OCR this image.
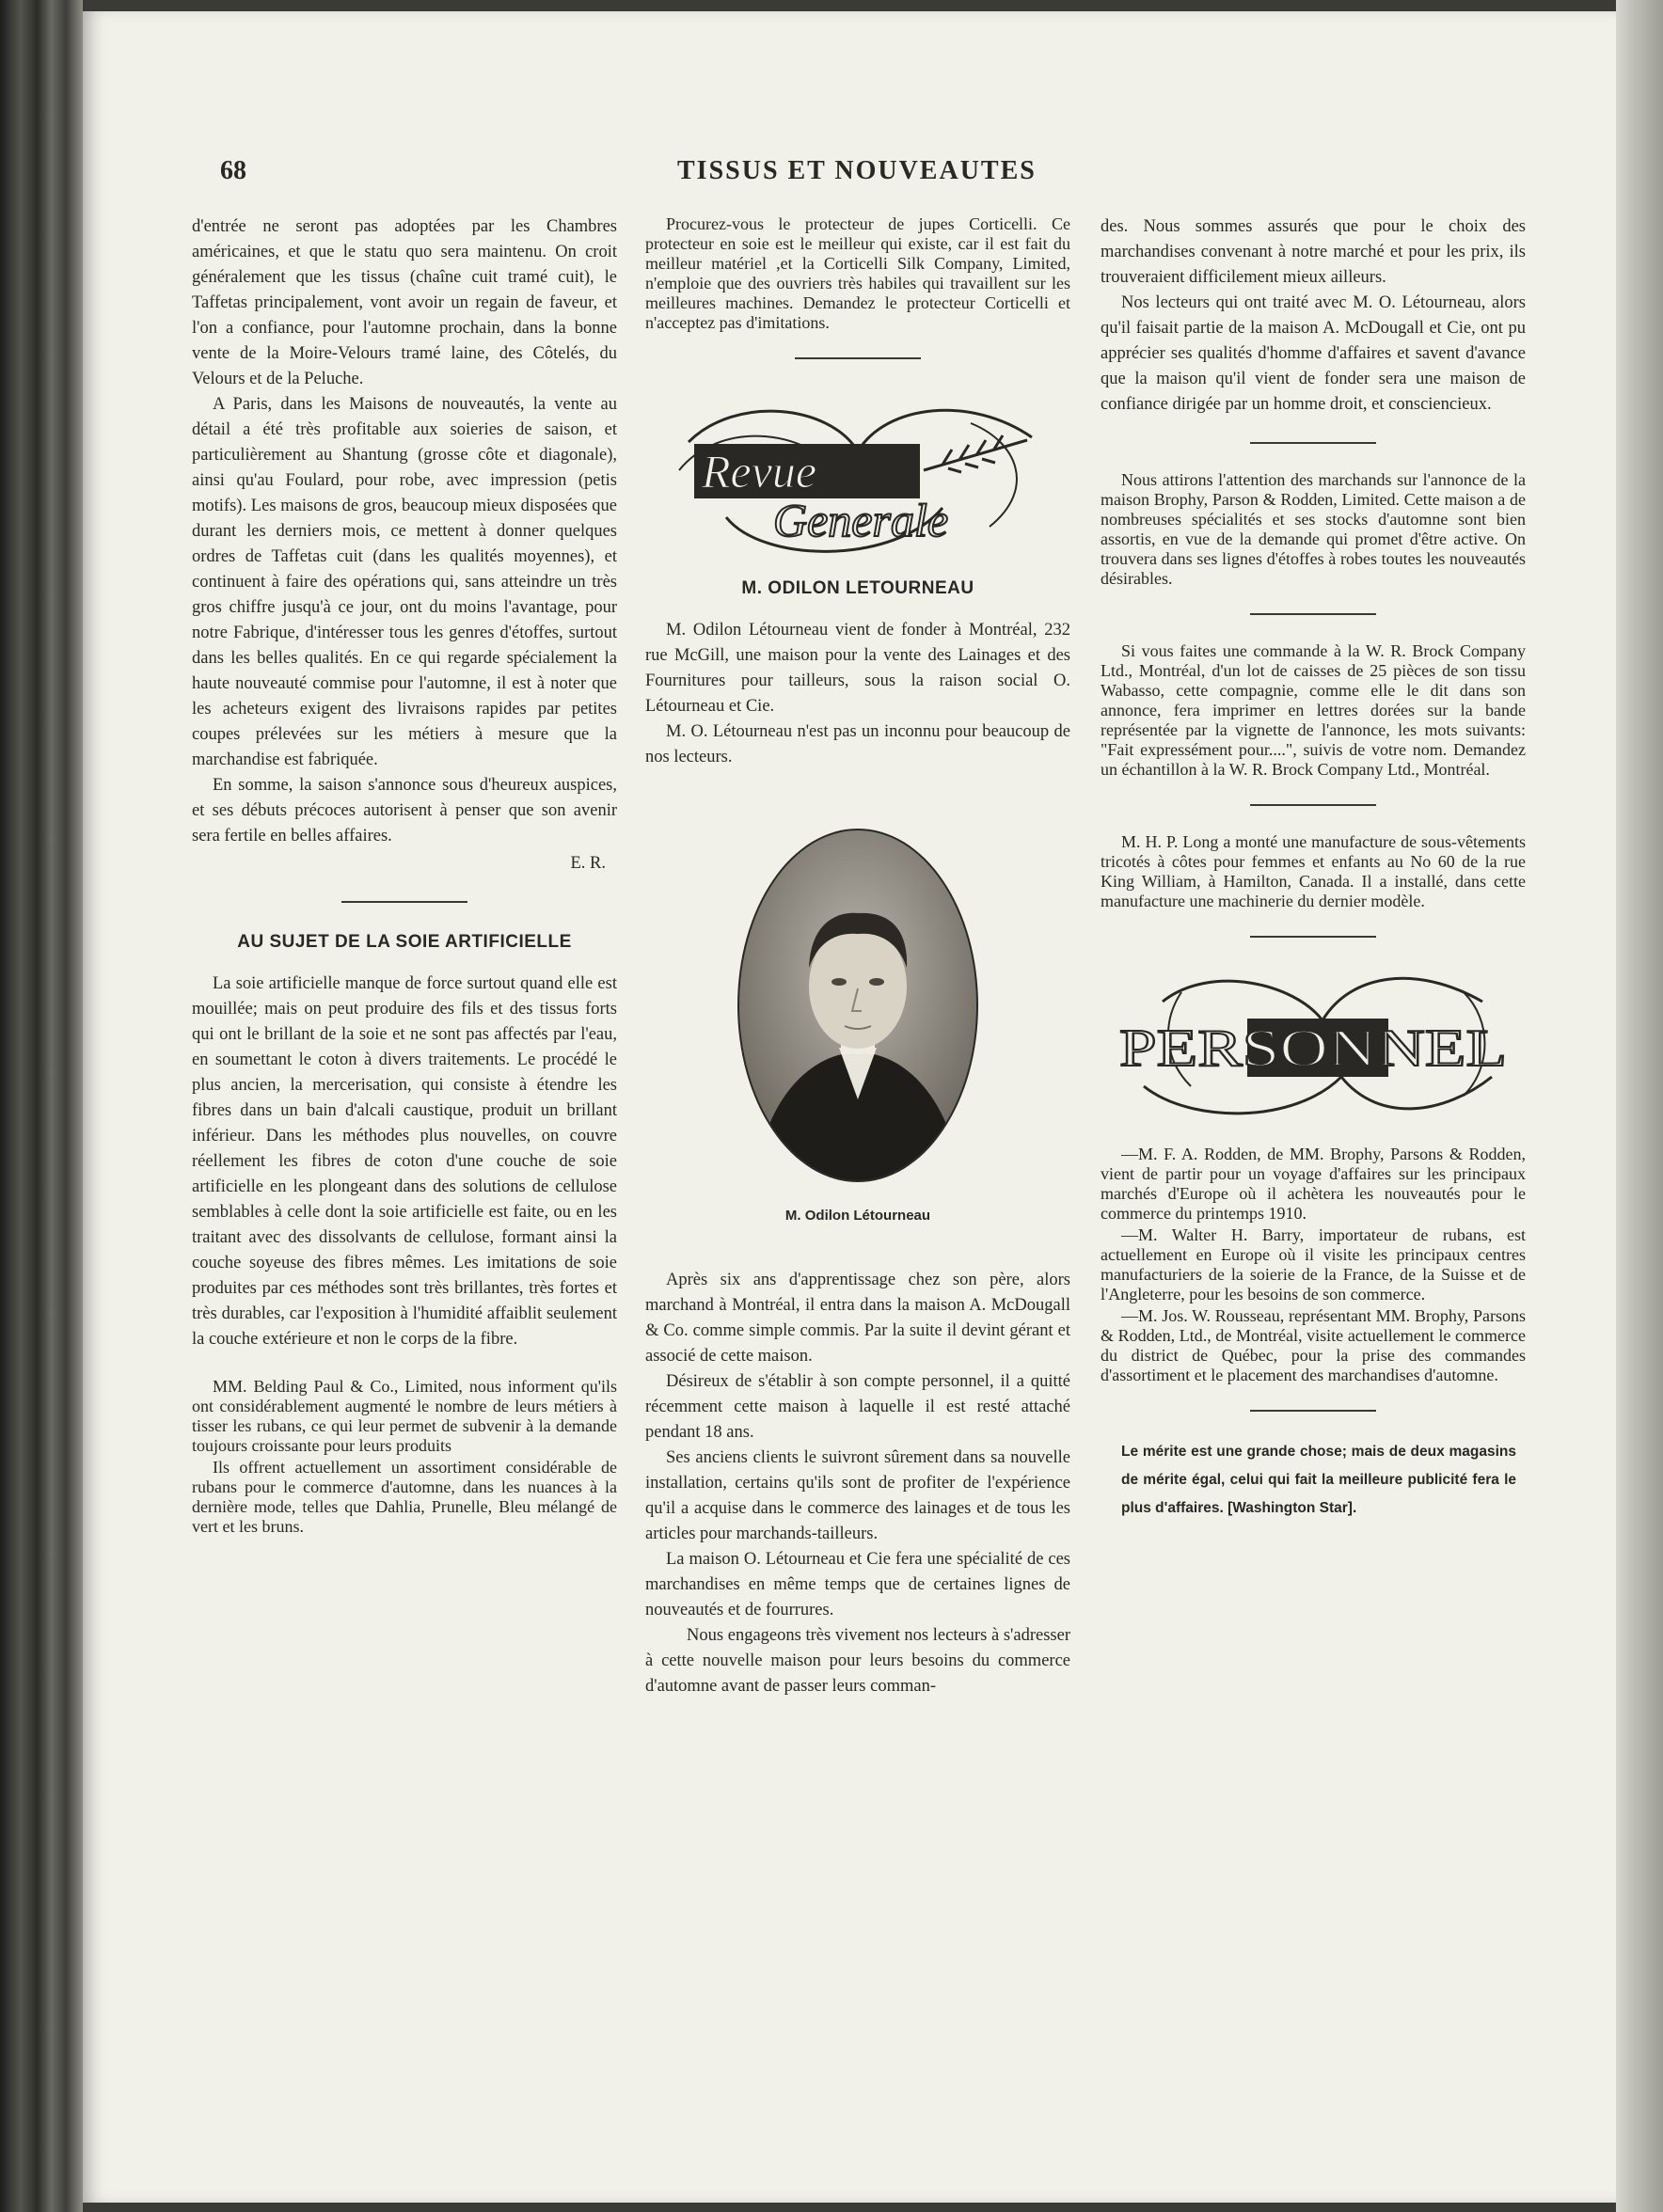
68	TISSUS ET NOUVEAUTES

d'entrée ne seront pas adoptées par les Chambres américaines, et que le statu quo sera maintenu. On croit généralement que les tissus (chaîne cuit tramé cuit), le Taffetas principalement, vont avoir un regain de faveur, et l'on a confiance, pour l'automne prochain, dans la bonne vente de la Moire-Velours tramé laine, des Côtelés, du Velours et de la Peluche.

A Paris, dans les Maisons de nouveautés, la vente au détail a été très profitable aux soieries de saison, et particulièrement au Shantung (grosse côte et diagonale), ainsi qu'au Foulard, pour robe, avec impression (petis motifs). Les maisons de gros, beaucoup mieux disposées que durant les derniers mois, ce mettent à donner quelques ordres de Taffetas cuit (dans les qualités moyennes), et continuent à faire des opérations qui, sans atteindre un très gros chiffre jusqu'à ce jour, ont du moins l'avantage, pour notre Fabrique, d'intéresser tous les genres d'étoffes, surtout dans les belles qualités. En ce qui regarde spécialement la haute nouveauté commise pour l'automne, il est à noter que les acheteurs exigent des livraisons rapides par petites coupes prélevées sur les métiers à mesure que la marchandise est fabriquée.

En somme, la saison s'annonce sous d'heureux auspices, et ses débuts précoces autorisent à penser que son avenir sera fertile en belles affaires.

E. R.
AU SUJET DE LA SOIE ARTIFICIELLE

La soie artificielle manque de force surtout quand elle est mouillée; mais on peut produire des fils et des tissus forts qui ont le brillant de la soie et ne sont pas affectés par l'eau, en soumettant le coton à divers traitements. Le procédé le plus ancien, la mercerisation, qui consiste à étendre les fibres dans un bain d'alcali caustique, produit un brillant inférieur. Dans les méthodes plus nouvelles, on couvre réellement les fibres de coton d'une couche de soie artificielle en les plongeant dans des solutions de cellulose semblables à celle dont la soie artificielle est faite, ou en les traitant avec des dissolvants de cellulose, formant ainsi la couche soyeuse des fibres mêmes. Les imitations de soie produites par ces méthodes sont très brillantes, très fortes et très durables, car l'exposition à l'humidité affaiblit seulement la couche extérieure et non le corps de la fibre.

MM. Belding Paul & Co., Limited, nous informent qu'ils ont considérablement augmenté le nombre de leurs métiers à tisser les rubans, ce qui leur permet de subvenir à la demande toujours croissante pour leurs produits

Ils offrent actuellement un assortiment considérable de rubans pour le commerce d'automne, dans les nuances à la dernière mode, telles que Dahlia, Prunelle, Bleu mélangé de vert et les bruns.

Procurez-vous le protecteur de jupes Corticelli. Ce protecteur en soie est le meilleur qui existe, car il est fait du meilleur matériel ,et la Corticelli Silk Company, Limited, n'emploie que des ouvriers très habiles qui travaillent sur les meilleures machines. Demandez le protecteur Corticelli et n'acceptez pas d'imitations.

Revue
Generale
M. ODILON LETOURNEAU

M. Odilon Létourneau vient de fonder à Montréal, 232 rue McGill, une maison pour la vente des Lainages et des Fournitures pour tailleurs, sous la raison social O. Létourneau et Cie.

M. O. Létourneau n'est pas un inconnu pour beaucoup de nos lecteurs.

M. Odilon Létourneau

Après six ans d'apprentissage chez son père, alors marchand à Montréal, il entra dans la maison A. McDougall & Co. comme simple commis. Par la suite il devint gérant et associé de cette maison.

Désireux de s'établir à son compte personnel, il a quitté récemment cette maison à laquelle il est resté attaché pendant 18 ans.

Ses anciens clients le suivront sûrement dans sa nouvelle installation, certains qu'ils sont de profiter de l'expérience qu'il a acquise dans le commerce des lainages et de tous les articles pour marchands-tailleurs.

La maison O. Létourneau et Cie fera une spécialité de ces marchandises en même temps que de certaines lignes de nouveautés et de fourrures.

Nous engageons très vivement nos lecteurs à s'adresser à cette nouvelle maison pour leurs besoins du commerce d'automne avant de passer leurs comman-

des. Nous sommes assurés que pour le choix des marchandises convenant à notre marché et pour les prix, ils trouveraient difficilement mieux ailleurs.

Nos lecteurs qui ont traité avec M. O. Létourneau, alors qu'il faisait partie de la maison A. McDougall et Cie, ont pu apprécier ses qualités d'homme d'affaires et savent d'avance que la maison qu'il vient de fonder sera une maison de confiance dirigée par un homme droit, et consciencieux.

Nous attirons l'attention des marchands sur l'annonce de la maison Brophy, Parson & Rodden, Limited. Cette maison a de nombreuses spécialités et ses stocks d'automne sont bien assortis, en vue de la demande qui promet d'être active. On trouvera dans ses lignes d'étoffes à robes toutes les nouveautés désirables.

Si vous faites une commande à la W. R. Brock Company Ltd., Montréal, d'un lot de caisses de 25 pièces de son tissu Wabasso, cette compagnie, comme elle le dit dans son annonce, fera imprimer en lettres dorées sur la bande représentée par la vignette de l'annonce, les mots suivants: "Fait expressément pour....", suivis de votre nom. Demandez un échantillon à la W. R. Brock Company Ltd., Montréal.

M. H. P. Long a monté une manufacture de sous-vêtements tricotés à côtes pour femmes et enfants au No 60 de la rue King William, à Hamilton, Canada. Il a installé, dans cette manufacture une machinerie du dernier modèle.

PERSONNEL

—M. F. A. Rodden, de MM. Brophy, Parsons & Rodden, vient de partir pour un voyage d'affaires sur les principaux marchés d'Europe où il achètera les nouveautés pour le commerce du printemps 1910.

—M. Walter H. Barry, importateur de rubans, est actuellement en Europe où il visite les principaux centres manufacturiers de la soierie de la France, de la Suisse et de l'Angleterre, pour les besoins de son commerce.

—M. Jos. W. Rousseau, représentant MM. Brophy, Parsons & Rodden, Ltd., de Montréal, visite actuellement le commerce du district de Québec, pour la prise des commandes d'assortiment et le placement des marchandises d'automne.

Le mérite est une grande chose; mais de deux magasins de mérite égal, celui qui fait la meilleure publicité fera le plus d'affaires. [Washington Star].
